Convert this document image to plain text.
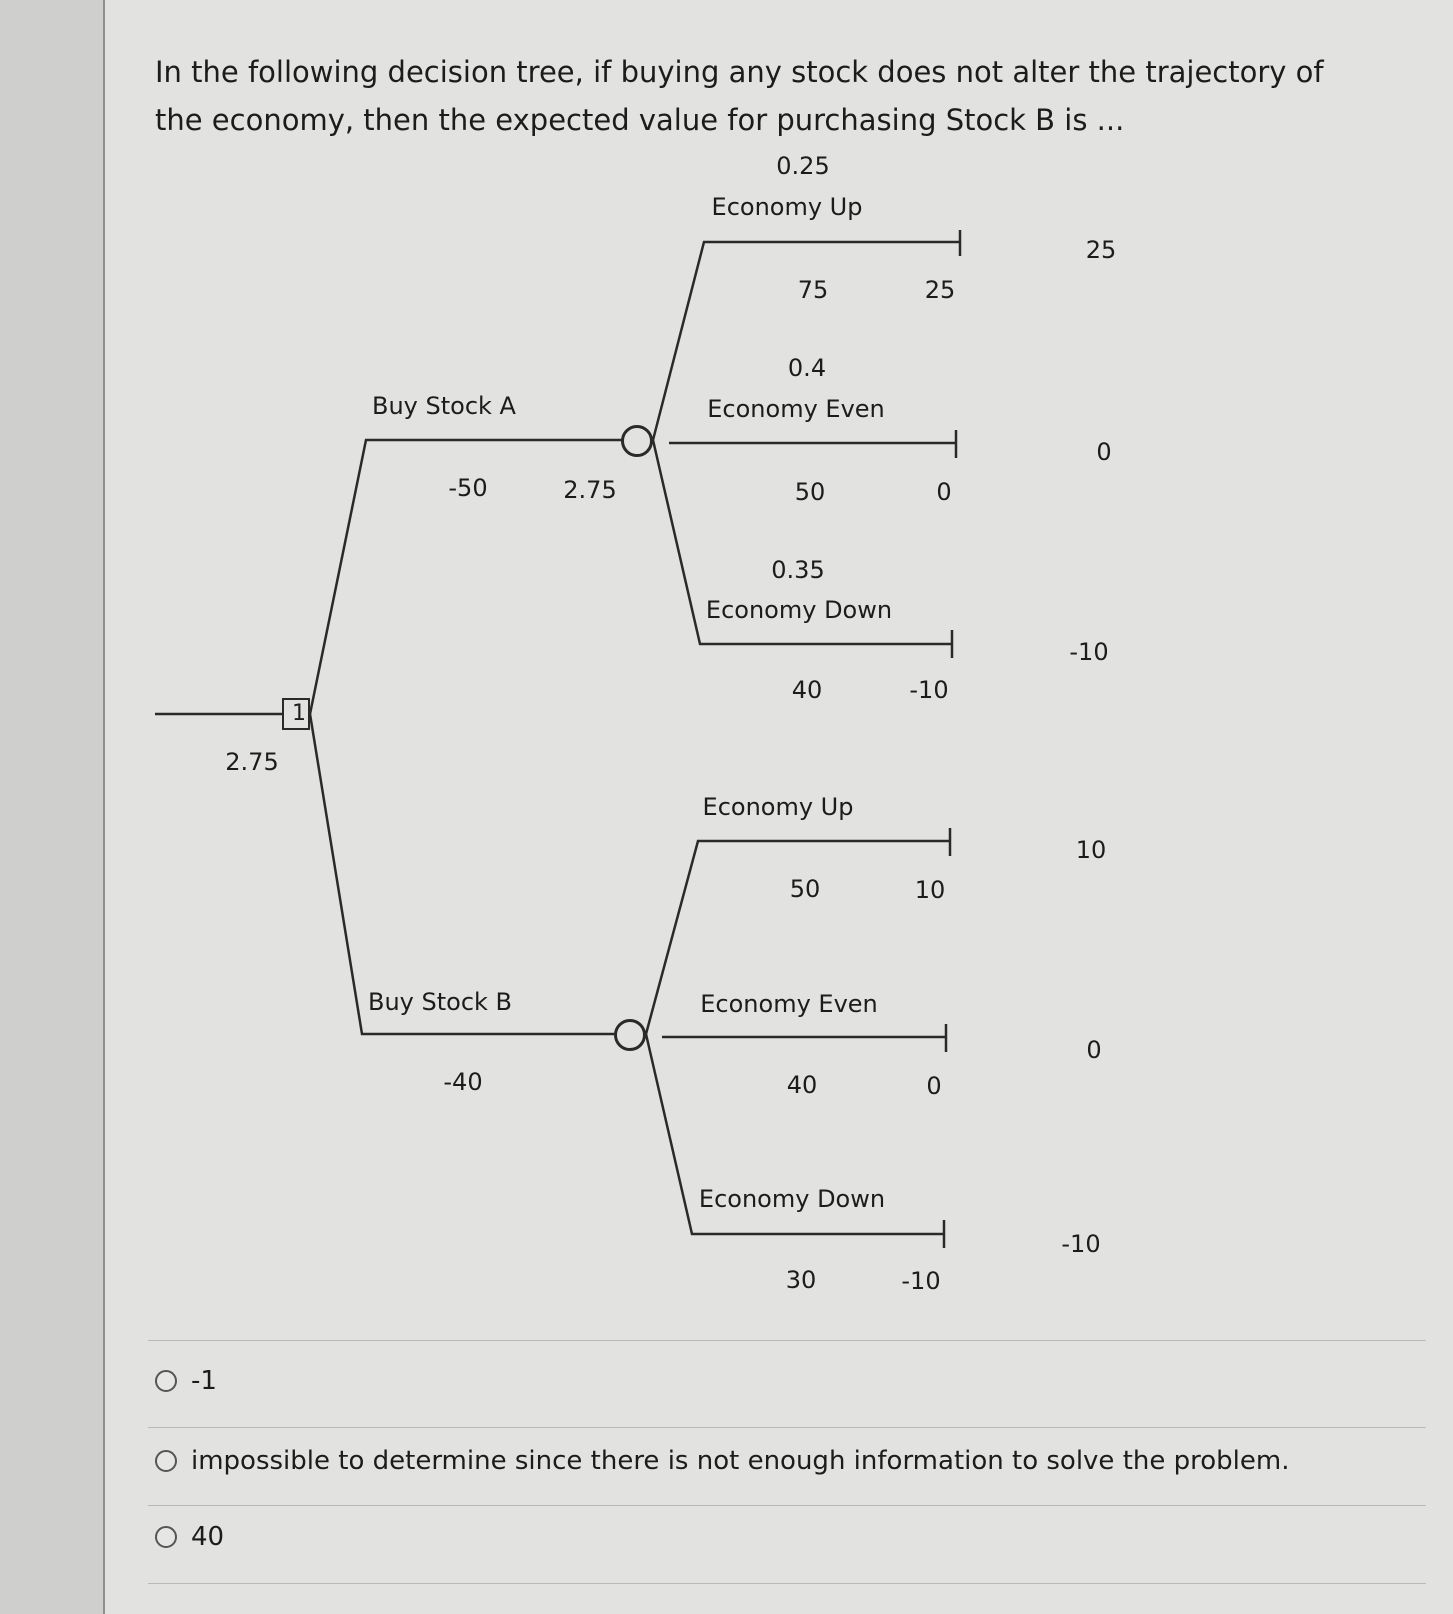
In the following decision tree, if buying any stock does not alter the trajectory of the economy, then the expected value for purchasing Stock B is ...
1
2.75
Buy Stock A
-50	2.75
0.25
Economy Up
75	25
25
0.4
Economy Even
50	0
0
0.35
Economy Down
40	-10
-10
Buy Stock B
-40
Economy Up
50	10
10
Economy Even
40	0
0
Economy Down
30	-10
-10
-1
impossible to determine since there is not enough information to solve the problem.
40
